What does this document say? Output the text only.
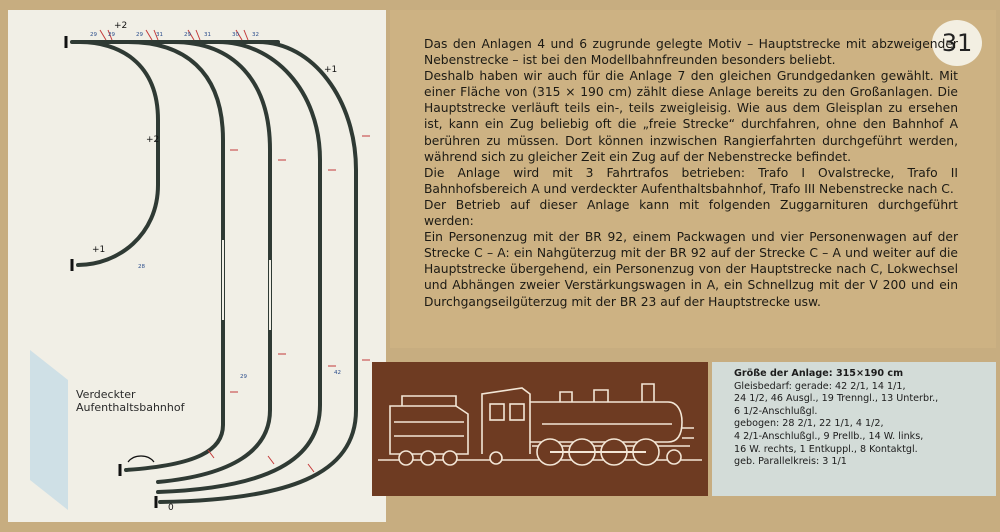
29 29	29 31	29 31	30 32
28
29
42
+2
+1
+2
+1
0
Verdeckter
Aufenthaltsbahnhof
31

Das den Anlagen 4 und 6 zugrunde gelegte Motiv – Hauptstrecke mit abzweigender Nebenstrecke – ist bei den Modellbahnfreunden besonders beliebt.

Deshalb haben wir auch für die Anlage 7 den gleichen Grundgedanken gewählt. Mit einer Fläche von (315 × 190 cm) zählt diese Anlage bereits zu den Großanlagen. Die Hauptstrecke verläuft teils ein-, teils zweigleisig. Wie aus dem Gleisplan zu ersehen ist, kann ein Zug beliebig oft die „freie Strecke“ durchfahren, ohne den Bahnhof A berühren zu müssen. Dort können inzwischen Rangierfahrten durchgeführt werden, während sich zu gleicher Zeit ein Zug auf der Nebenstrecke befindet.

Die Anlage wird mit 3 Fahrtrafos betrieben: Trafo I Ovalstrecke, Trafo II Bahnhofsbereich A und verdeckter Aufenthaltsbahnhof, Trafo III Nebenstrecke nach C.

Der Betrieb auf dieser Anlage kann mit folgenden Zuggarnituren durchgeführt werden:

Ein Personenzug mit der BR 92, einem Packwagen und vier Personenwagen auf der Strecke C – A: ein Nahgüterzug mit der BR 92 auf der Strecke C – A und weiter auf die Hauptstrecke übergehend, ein Personenzug von der Hauptstrecke nach C, Lokwechsel und Abhängen zweier Verstärkungswagen in A, ein Schnellzug mit der V 200 und ein Durchgangseilgüterzug mit der BR 23 auf der Hauptstrecke usw.

Größe der Anlage: 315×190 cm
Gleisbedarf: gerade: 42 2/1, 14 1/1,
24 1/2, 46 Ausgl., 19 Trenngl., 13 Unterbr.,
6 1/2-Anschlußgl.
gebogen: 28 2/1, 22 1/1, 4 1/2,
4 2/1-Anschlußgl., 9 Prellb., 14 W. links,
16 W. rechts, 1 Entkuppl., 8 Kontaktgl.
geb. Parallelkreis: 3 1/1
